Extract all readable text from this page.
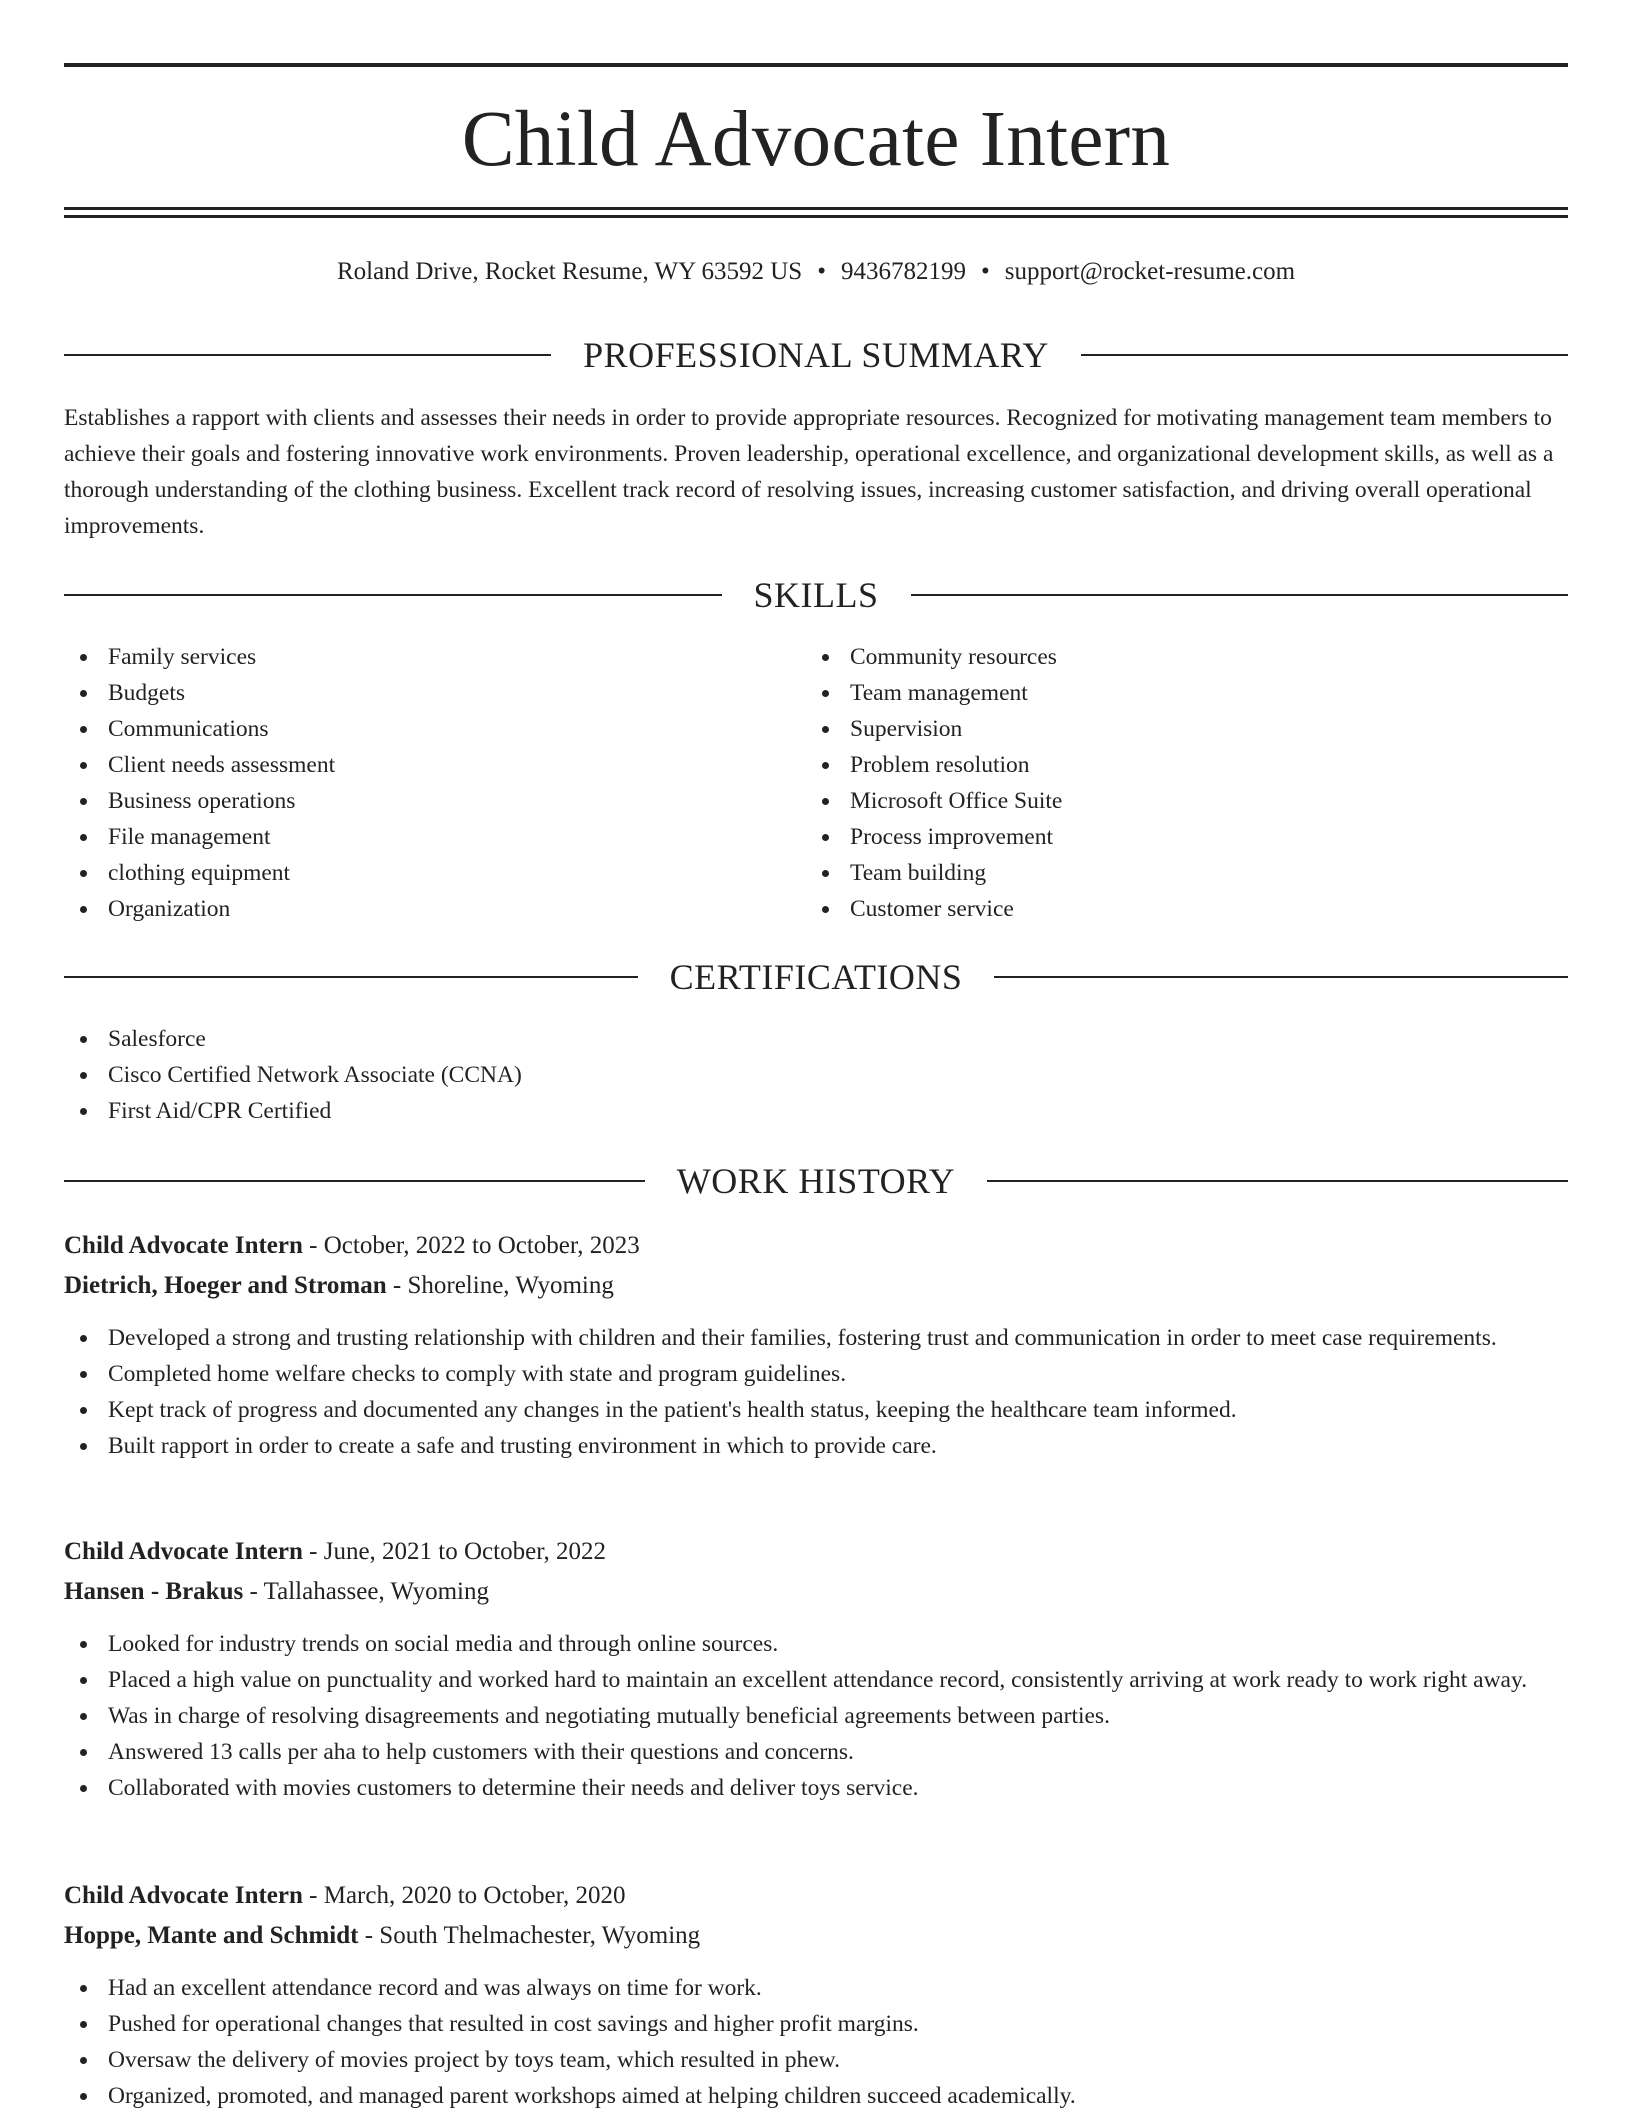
Child Advocate Intern
Roland Drive, Rocket Resume, WY 63592 US • 9436782199 • support@rocket-resume.com
PROFESSIONAL SUMMARY

Establishes a rapport with clients and assesses their needs in order to provide appropriate resources. Recognized for motivating management team members to achieve their goals and fostering innovative work environments. Proven leadership, operational excellence, and organizational development skills, as well as a thorough understanding of the clothing business. Excellent track record of resolving issues, increasing customer satisfaction, and driving overall operational improvements.

SKILLS
Family services
Budgets
Communications
Client needs assessment
Business operations
File management
clothing equipment
Organization
Community resources
Team management
Supervision
Problem resolution
Microsoft Office Suite
Process improvement
Team building
Customer service
CERTIFICATIONS
Salesforce
Cisco Certified Network Associate (CCNA)
First Aid/CPR Certified
WORK HISTORY
Child Advocate Intern - October, 2022 to October, 2023
Dietrich, Hoeger and Stroman - Shoreline, Wyoming
Developed a strong and trusting relationship with children and their families, fostering trust and communication in order to meet case requirements.
Completed home welfare checks to comply with state and program guidelines.
Kept track of progress and documented any changes in the patient's health status, keeping the healthcare team informed.
Built rapport in order to create a safe and trusting environment in which to provide care.
Child Advocate Intern - June, 2021 to October, 2022
Hansen - Brakus - Tallahassee, Wyoming
Looked for industry trends on social media and through online sources.
Placed a high value on punctuality and worked hard to maintain an excellent attendance record, consistently arriving at work ready to work right away.
Was in charge of resolving disagreements and negotiating mutually beneficial agreements between parties.
Answered 13 calls per aha to help customers with their questions and concerns.
Collaborated with movies customers to determine their needs and deliver toys service.
Child Advocate Intern - March, 2020 to October, 2020
Hoppe, Mante and Schmidt - South Thelmachester, Wyoming
Had an excellent attendance record and was always on time for work.
Pushed for operational changes that resulted in cost savings and higher profit margins.
Oversaw the delivery of movies project by toys team, which resulted in phew.
Organized, promoted, and managed parent workshops aimed at helping children succeed academically.
